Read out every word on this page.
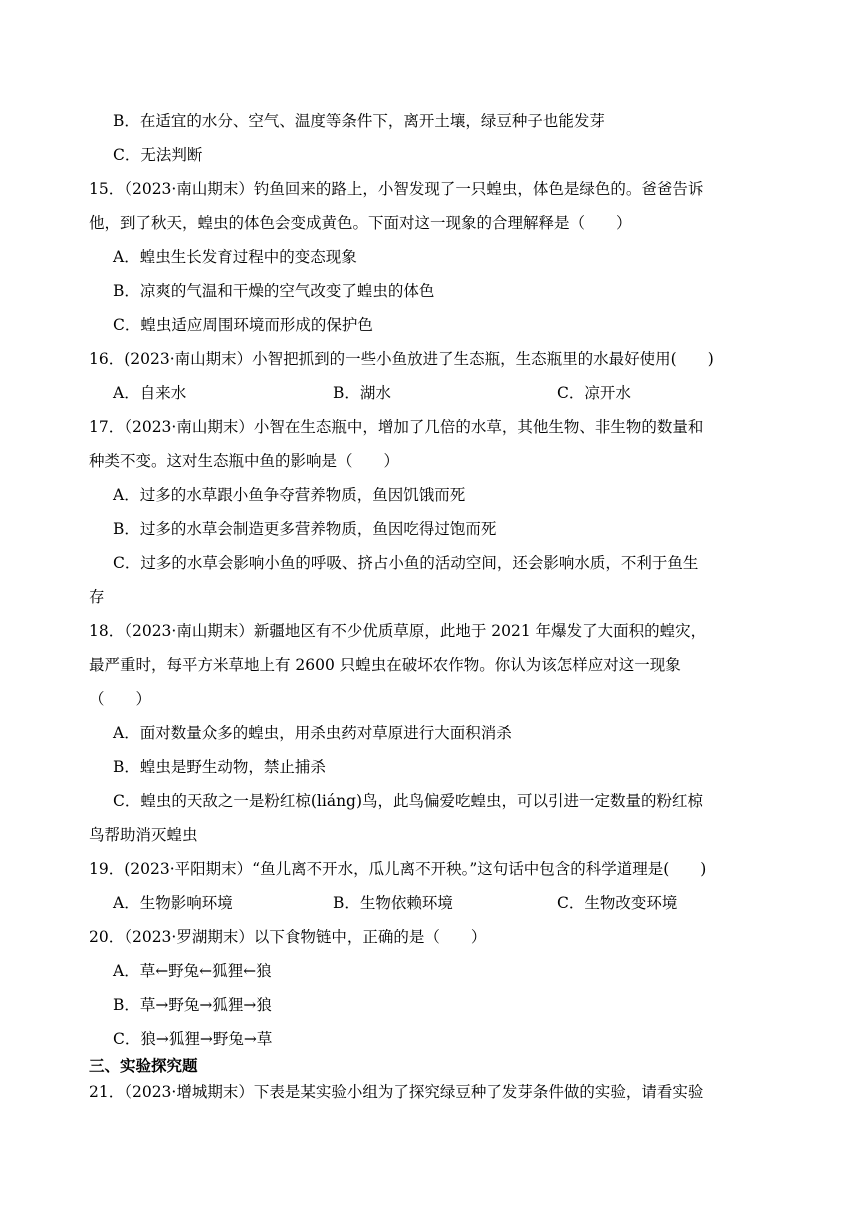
B．在适宜的水分、空气、温度等条件下，离开土壤，绿豆种子也能发芽
C．无法判断
15．（2023·南山期末）钓鱼回来的路上，小智发现了一只蝗虫，体色是绿色的。爸爸告诉
他，到了秋天，蝗虫的体色会变成黄色。下面对这一现象的合理解释是（　　）
A．蝗虫生长发育过程中的变态现象
B．凉爽的气温和干燥的空气改变了蝗虫的体色
C．蝗虫适应周围环境而形成的保护色
16．(2023·南山期末）小智把抓到的一些小鱼放进了生态瓶，生态瓶里的水最好使用(　　)
A．自来水	B．湖水	C．凉开水
17．（2023·南山期末）小智在生态瓶中，增加了几倍的水草，其他生物、非生物的数量和
种类不变。这对生态瓶中鱼的影响是（　　）
A．过多的水草跟小鱼争夺营养物质，鱼因饥饿而死
B．过多的水草会制造更多营养物质，鱼因吃得过饱而死
C．过多的水草会影响小鱼的呼吸、挤占小鱼的活动空间，还会影响水质，不利于鱼生
存
18．（2023·南山期末）新疆地区有不少优质草原，此地于 2021 年爆发了大面积的蝗灾，
最严重时，每平方米草地上有 2600 只蝗虫在破坏农作物。你认为该怎样应对这一现象
（　　）
A．面对数量众多的蝗虫，用杀虫药对草原进行大面积消杀
B．蝗虫是野生动物，禁止捕杀
C．蝗虫的天敌之一是粉红椋(liáng)鸟，此鸟偏爱吃蝗虫，可以引进一定数量的粉红椋
鸟帮助消灭蝗虫
19．(2023·平阳期末）“鱼儿离不开水，瓜儿离不开秧。”这句话中包含的科学道理是(　　)
A．生物影响环境	B．生物依赖环境	C．生物改变环境
20．（2023·罗湖期末）以下食物链中，正确的是（　　）
A．草←野兔←狐狸←狼
B．草→野兔→狐狸→狼
C．狼→狐狸→野兔→草
三、实验探究题
21．（2023·增城期末）下表是某实验小组为了探究绿豆种了发芽条件做的实验，请看实验
